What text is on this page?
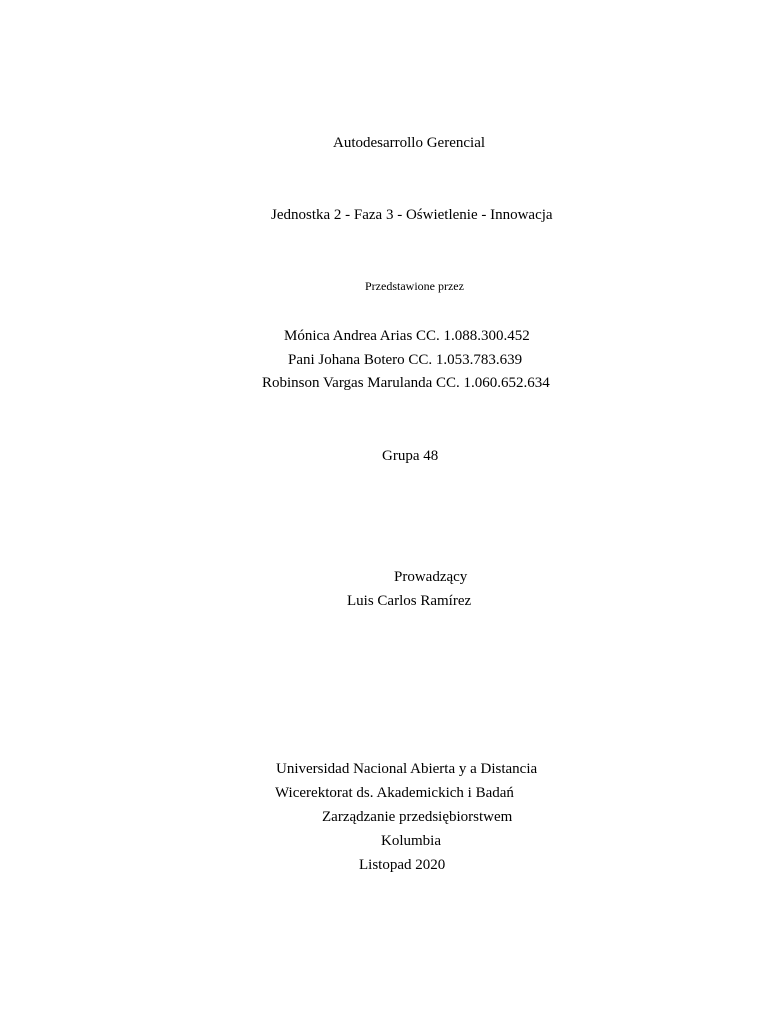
Autodesarrollo Gerencial
Jednostka 2 - Faza 3 - Oświetlenie - Innowacja
Przedstawione przez
Mónica Andrea Arias CC. 1.088.300.452
Pani Johana Botero CC. 1.053.783.639
Robinson Vargas Marulanda CC. 1.060.652.634
Grupa 48
Prowadzący
Luis Carlos Ramírez
Universidad Nacional Abierta y a Distancia
Wicerektorat ds. Akademickich i Badań
Zarządzanie przedsiębiorstwem
Kolumbia
Listopad 2020
